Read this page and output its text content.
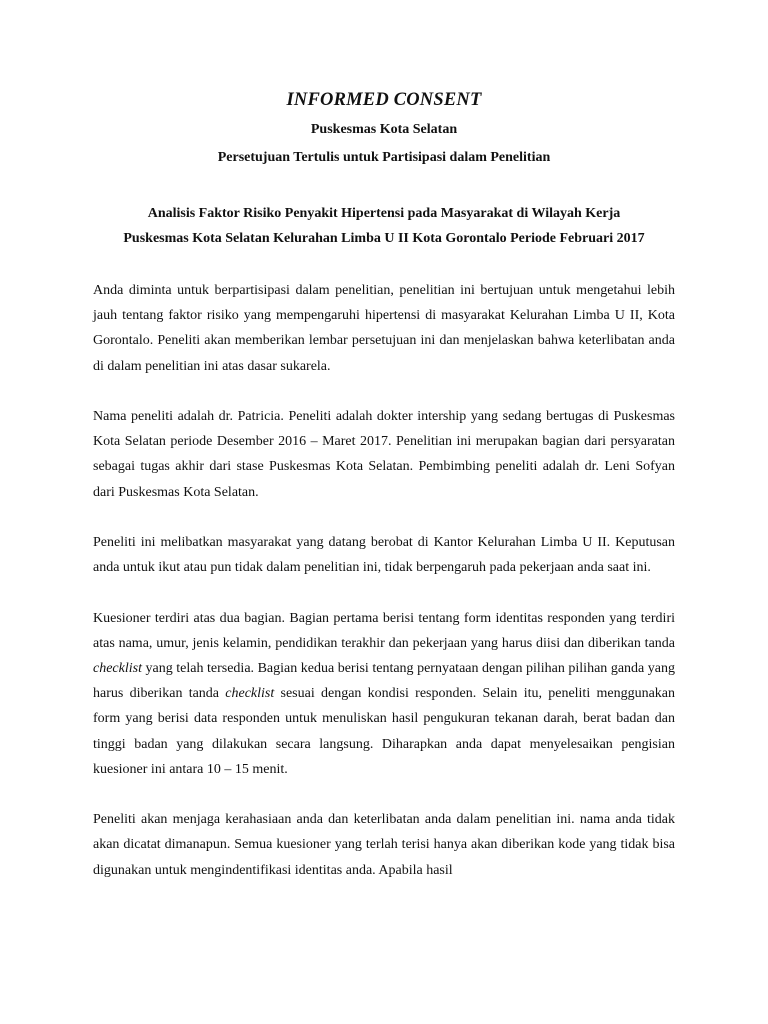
INFORMED CONSENT

Puskesmas Kota Selatan

Persetujuan Tertulis untuk Partisipasi dalam Penelitian

Analisis Faktor Risiko Penyakit Hipertensi pada Masyarakat di Wilayah Kerja
Puskesmas Kota Selatan Kelurahan Limba U II Kota Gorontalo Periode Februari 2017

Anda diminta untuk berpartisipasi dalam penelitian, penelitian ini bertujuan untuk mengetahui lebih jauh tentang faktor risiko yang mempengaruhi hipertensi di masyarakat Kelurahan Limba U II, Kota Gorontalo. Peneliti akan memberikan lembar persetujuan ini dan menjelaskan bahwa keterlibatan anda di dalam penelitian ini atas dasar sukarela.

Nama peneliti adalah dr. Patricia. Peneliti adalah dokter intership yang sedang bertugas di Puskesmas Kota Selatan periode Desember 2016 – Maret 2017. Penelitian ini merupakan bagian dari persyaratan sebagai tugas akhir dari stase Puskesmas Kota Selatan. Pembimbing peneliti adalah dr. Leni Sofyan dari Puskesmas Kota Selatan.

Peneliti ini melibatkan masyarakat yang datang berobat di Kantor Kelurahan Limba U II. Keputusan anda untuk ikut atau pun tidak dalam penelitian ini, tidak berpengaruh pada pekerjaan anda saat ini.

Kuesioner terdiri atas dua bagian. Bagian pertama berisi tentang form identitas responden yang terdiri atas nama, umur, jenis kelamin, pendidikan terakhir dan pekerjaan yang harus diisi dan diberikan tanda checklist yang telah tersedia. Bagian kedua berisi tentang pernyataan dengan pilihan pilihan ganda yang harus diberikan tanda checklist sesuai dengan kondisi responden. Selain itu, peneliti menggunakan form yang berisi data responden untuk menuliskan hasil pengukuran tekanan darah, berat badan dan tinggi badan yang dilakukan secara langsung. Diharapkan anda dapat menyelesaikan pengisian kuesioner ini antara 10 – 15 menit.

Peneliti akan menjaga kerahasiaan anda dan keterlibatan anda dalam penelitian ini. nama anda tidak akan dicatat dimanapun. Semua kuesioner yang terlah terisi hanya akan diberikan kode yang tidak bisa digunakan untuk mengindentifikasi identitas anda. Apabila hasil
